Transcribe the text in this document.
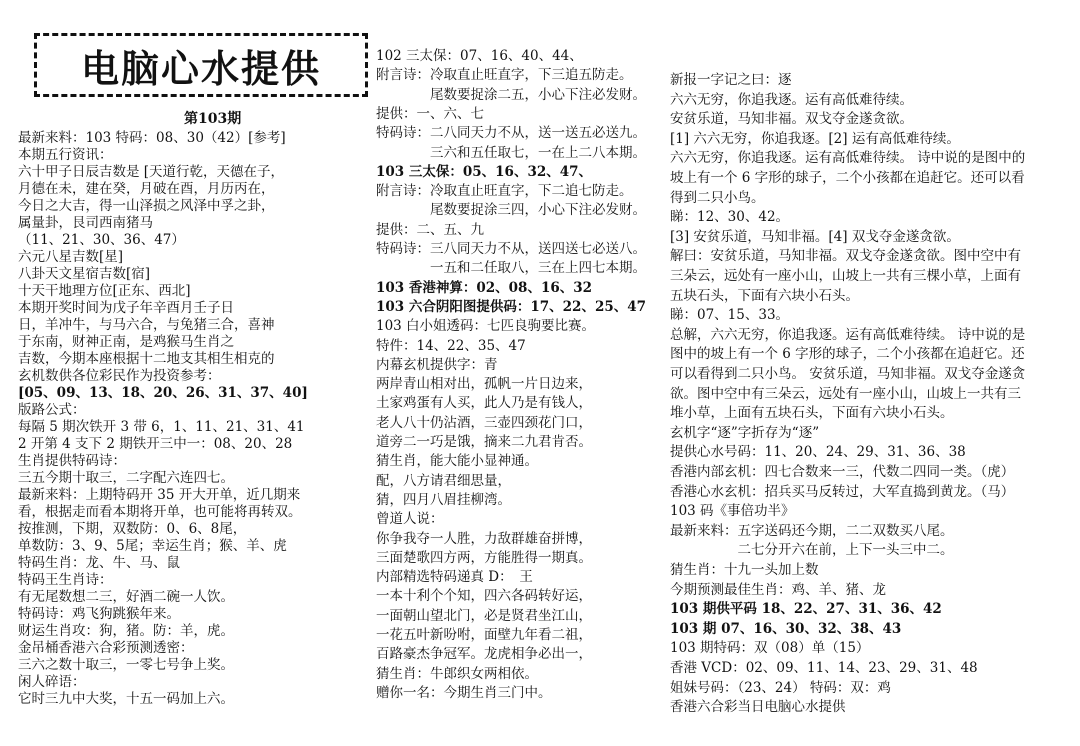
电脑心水提供
第103期
最新来料：103 特码：08、30（42）[参考]
本期五行资讯：
六十甲子日辰吉数是 [天道行乾，天德在子，
月德在未，建在癸，月破在酉，月历丙在，
今日之大吉，得一山泽损之风泽中孚之卦，
属量卦，艮司西南猪马
（11、21、30、36、47）
六元八星吉数[星]
八卦天文星宿吉数[宿]
十天干地理方位[正东、西北]
本期开奖时间为戊子年辛酉月壬子日
日，羊冲牛，与马六合，与兔猪三合，喜神
于东南，财神正南，是鸡猴马生肖之
吉数，今期本座根据十二地支其相生相克的
玄机数供各位彩民作为投资参考：
[05、09、13、18、20、26、31、37、40]
版路公式：
每隔 5 期次铁开 3 带 6，1、11、21、31、41
2 开第 4 支下 2 期铁开三中一：08、20、28
生肖提供特码诗：
三五今期十取三，二字配六连四七。
最新来料：上期特码开 35 开大开单，近几期来
看，根据走而看本期将开单，也可能将再转双。
按推测，下期，双数防：0、6、8尾，
单数防：3、9、5尾；幸运生肖；猴、羊、虎
特码生肖：龙、牛、马、鼠
特码王生肖诗：
有无尾数想二三，好酒二碗一人饮。
特码诗：鸡飞狗跳猴年来。
财运生肖攻：狗，猪。防：羊，虎。
金吊桶香港六合彩预测透密：
三六之数十取三，一零七号争上奖。
闲人碎语：
它时三九中大奖，十五一码加上六。
102 三太保：07、16、40、44、
附言诗：冷取直止旺直字，下三追五防走。
　　　　尾数要捉涂二五，小心下注必发财。
提供：一、六、七
特码诗：二八同天力不从，送一送五必送九。
　　　　三六和五任取七，一在上二八本期。
103 三太保：05、16、32、47、
附言诗：冷取直止旺直字，下二追七防走。
　　　　尾数要捉涂三四，小心下注必发财。
提供：二、五、九
特码诗：三八同天力不从，送四送七必送八。
　　　　一五和二任取八，三在上四七本期。
103 香港神算：02、08、16、32
103 六合阴阳图提供码：17、22、25、47
103 白小姐透码：七匹良驹要比赛。
特件：14、22、35、47
内幕玄机提供字：青
两岸青山相对出，孤帆一片日边来，
土家鸡蛋有人买，此人乃是有钱人，
老人八十仍沾酒，三壶四颈花门口，
道旁二一巧是饿，摘来二九君肯否。
猜生肖，能大能小显神通。
配，八方请君细思量，
猜，四月八眉挂柳湾。
曾道人说：
你争我夺一人胜，力敌群雄奋拼博，
三面楚歌四方两，方能胜得一期真。
内部精选特码递真 D：　王
一本十利个个知，四六各码转好运，
一面朝山望北门，必是贤君坐江山，
一花五叶新吩咐，面壁九年看二祖，
百路豪杰争冠军。龙虎相争必出一，
猜生肖：牛郎织女两相依。
赠你一名：今期生肖三门中。
新报一字记之曰：逐
六六无穷，你追我逐。运有高低难待续。
安贫乐道，马知非福。双戈夺金遂贪欲。
[1] 六六无穷，你追我逐。[2] 运有高低难待续。
六六无穷，你追我逐。运有高低难待续。 诗中说的是图中的
坡上有一个 6 字形的球子，二个小孩都在追赶它。还可以看
得到二只小鸟。
睇：12、30、42。
[3] 安贫乐道，马知非福。[4] 双戈夺金遂贪欲。
解曰：安贫乐道，马知非福。双戈夺金遂贪欲。图中空中有
三朵云，远处有一座小山，山坡上一共有三棵小草，上面有
五块石头，下面有六块小石头。
睇：07、15、33。
总解，六六无穷，你追我逐。运有高低难待续。 诗中说的是
图中的坡上有一个 6 字形的球子，二个小孩都在追赶它。还
可以看得到二只小鸟。 安贫乐道，马知非福。双戈夺金遂贪
欲。图中空中有三朵云，远处有一座小山，山坡上一共有三
堆小草，上面有五块石头，下面有六块小石头。
玄机字“逐”字折存为“逐”
提供心水号码：11、20、24、29、31、36、38
香港内部玄机：四七合数来一三，代数二四同一类。（虎）
香港心水玄机：招兵买马反转过，大军直捣到黄龙。（马）
103 码《事倍功半》
最新来料：五字送码还今期，二二双数买八尾。
　　　　　二七分开六在前，上下一头三中二。
猜生肖：十九一头加上数
今期预测最佳生肖：鸡、羊、猪、龙
103 期供平码 18、22、27、31、36、42
103 期 07、16、30、32、38、43
103 期特码：双（08）单（15）
香港 VCD：02、09、11、14、23、29、31、48
姐妹号码：（23、24） 特码：双：鸡
香港六合彩当日电脑心水提供
